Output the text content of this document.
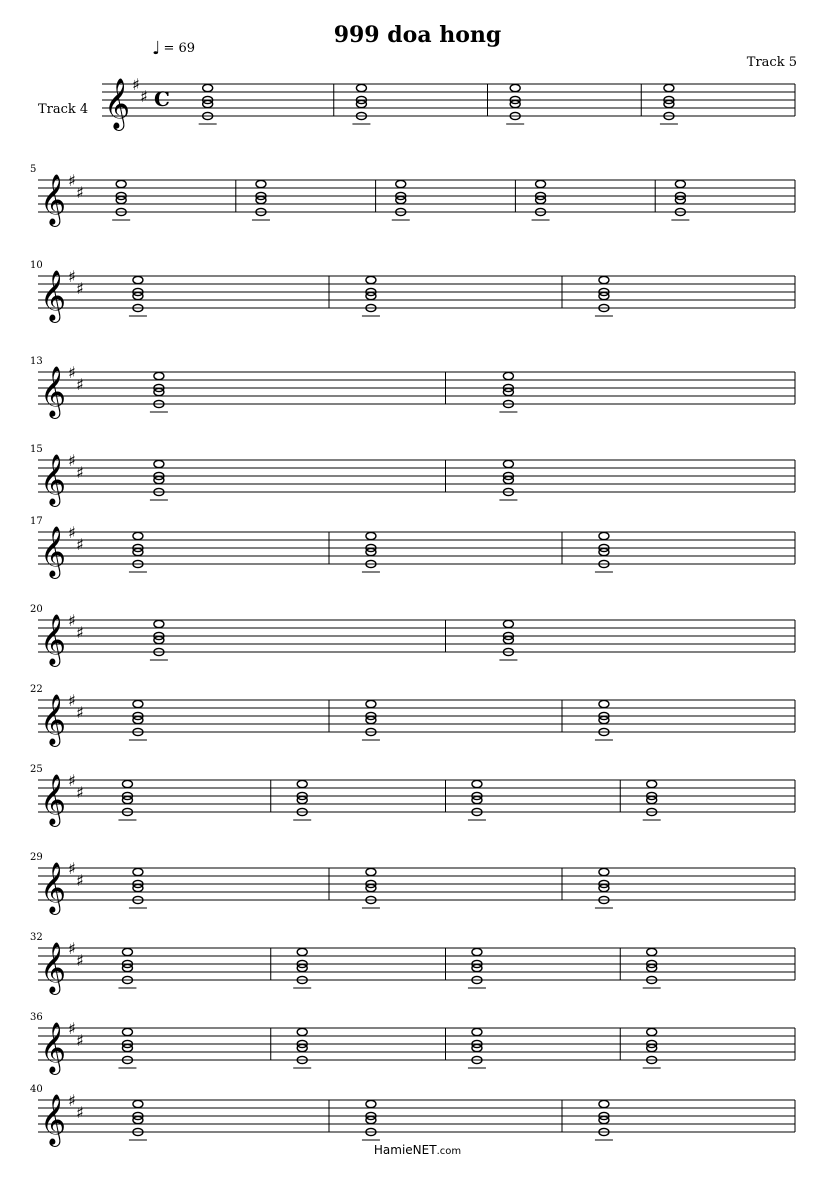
999 doa hong
♩ = 69
Track 5
Track 4 𝄞 ♯
♯ C
𝄞 ♯
♯
5
𝄞 ♯
♯
10
𝄞 ♯
♯
13
𝄞 ♯
♯
15
𝄞 ♯
♯
17
𝄞 ♯
♯
20
𝄞 ♯
♯
22
𝄞 ♯
♯
25
𝄞 ♯
♯
29
𝄞 ♯
♯
32
𝄞 ♯
♯
36
𝄞 ♯
♯
40
HamieNET.com
